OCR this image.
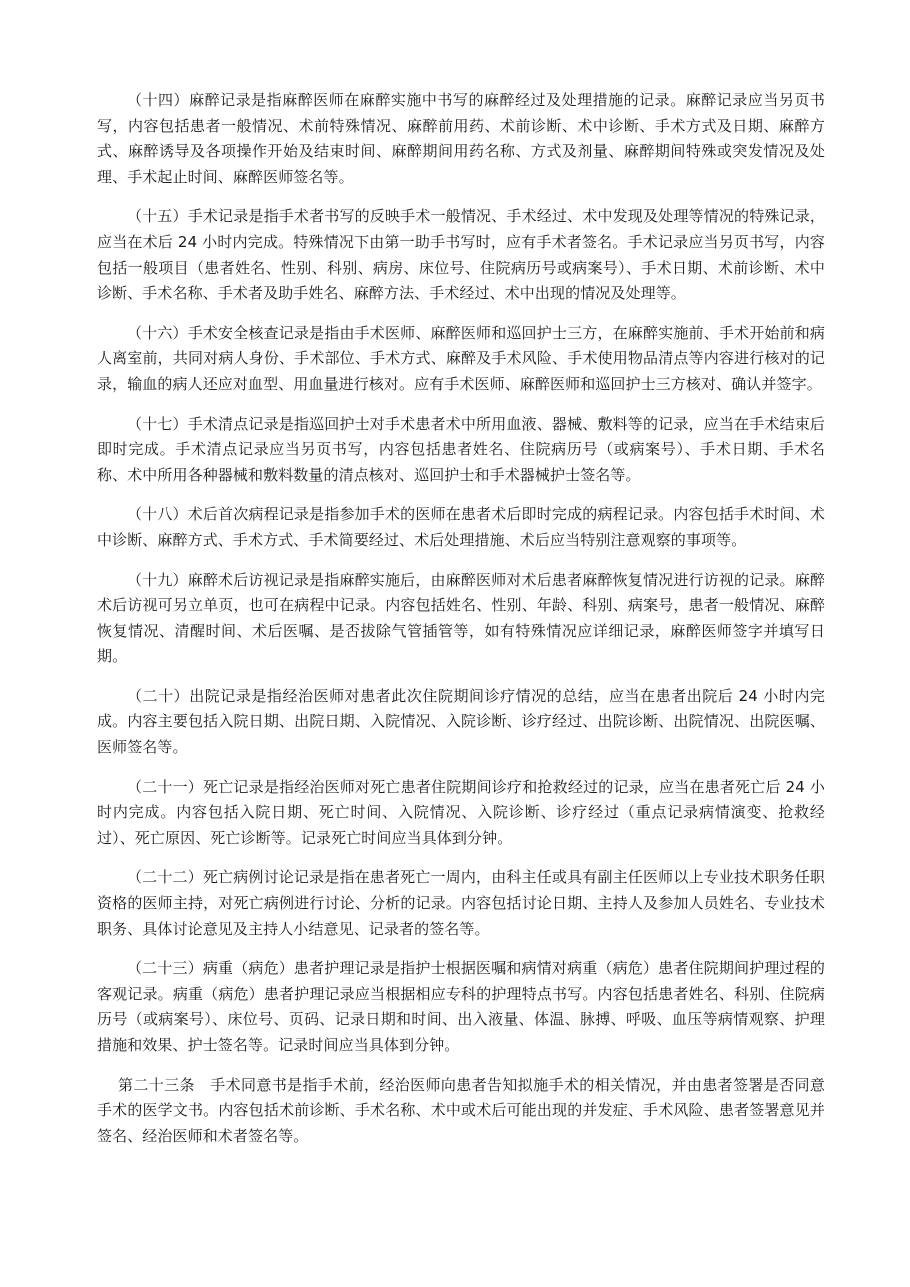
（十四）麻醉记录是指麻醉医师在麻醉实施中书写的麻醉经过及处理措施的记录。麻醉记录应当另页书写，内容包括患者一般情况、术前特殊情况、麻醉前用药、术前诊断、术中诊断、手术方式及日期、麻醉方式、麻醉诱导及各项操作开始及结束时间、麻醉期间用药名称、方式及剂量、麻醉期间特殊或突发情况及处理、手术起止时间、麻醉医师签名等。

（十五）手术记录是指手术者书写的反映手术一般情况、手术经过、术中发现及处理等情况的特殊记录，应当在术后 24 小时内完成。特殊情况下由第一助手书写时，应有手术者签名。手术记录应当另页书写，内容包括一般项目（患者姓名、性别、科别、病房、床位号、住院病历号或病案号）、手术日期、术前诊断、术中诊断、手术名称、手术者及助手姓名、麻醉方法、手术经过、术中出现的情况及处理等。

（十六）手术安全核查记录是指由手术医师、麻醉医师和巡回护士三方，在麻醉实施前、手术开始前和病人离室前，共同对病人身份、手术部位、手术方式、麻醉及手术风险、手术使用物品清点等内容进行核对的记录，输血的病人还应对血型、用血量进行核对。应有手术医师、麻醉医师和巡回护士三方核对、确认并签字。

（十七）手术清点记录是指巡回护士对手术患者术中所用血液、器械、敷料等的记录，应当在手术结束后即时完成。手术清点记录应当另页书写，内容包括患者姓名、住院病历号（或病案号）、手术日期、手术名称、术中所用各种器械和敷料数量的清点核对、巡回护士和手术器械护士签名等。

（十八）术后首次病程记录是指参加手术的医师在患者术后即时完成的病程记录。内容包括手术时间、术中诊断、麻醉方式、手术方式、手术简要经过、术后处理措施、术后应当特别注意观察的事项等。

（十九）麻醉术后访视记录是指麻醉实施后，由麻醉医师对术后患者麻醉恢复情况进行访视的记录。麻醉术后访视可另立单页，也可在病程中记录。内容包括姓名、性别、年龄、科别、病案号，患者一般情况、麻醉恢复情况、清醒时间、术后医嘱、是否拔除气管插管等，如有特殊情况应详细记录，麻醉医师签字并填写日期。

（二十）出院记录是指经治医师对患者此次住院期间诊疗情况的总结，应当在患者出院后 24 小时内完成。内容主要包括入院日期、出院日期、入院情况、入院诊断、诊疗经过、出院诊断、出院情况、出院医嘱、医师签名等。

（二十一）死亡记录是指经治医师对死亡患者住院期间诊疗和抢救经过的记录，应当在患者死亡后 24 小时内完成。内容包括入院日期、死亡时间、入院情况、入院诊断、诊疗经过（重点记录病情演变、抢救经过）、死亡原因、死亡诊断等。记录死亡时间应当具体到分钟。

（二十二）死亡病例讨论记录是指在患者死亡一周内，由科主任或具有副主任医师以上专业技术职务任职资格的医师主持，对死亡病例进行讨论、分析的记录。内容包括讨论日期、主持人及参加人员姓名、专业技术职务、具体讨论意见及主持人小结意见、记录者的签名等。

（二十三）病重（病危）患者护理记录是指护士根据医嘱和病情对病重（病危）患者住院期间护理过程的客观记录。病重（病危）患者护理记录应当根据相应专科的护理特点书写。内容包括患者姓名、科别、住院病历号（或病案号）、床位号、页码、记录日期和时间、出入液量、体温、脉搏、呼吸、血压等病情观察、护理措施和效果、护士签名等。记录时间应当具体到分钟。

第二十三条　手术同意书是指手术前，经治医师向患者告知拟施手术的相关情况，并由患者签署是否同意手术的医学文书。内容包括术前诊断、手术名称、术中或术后可能出现的并发症、手术风险、患者签署意见并签名、经治医师和术者签名等。
